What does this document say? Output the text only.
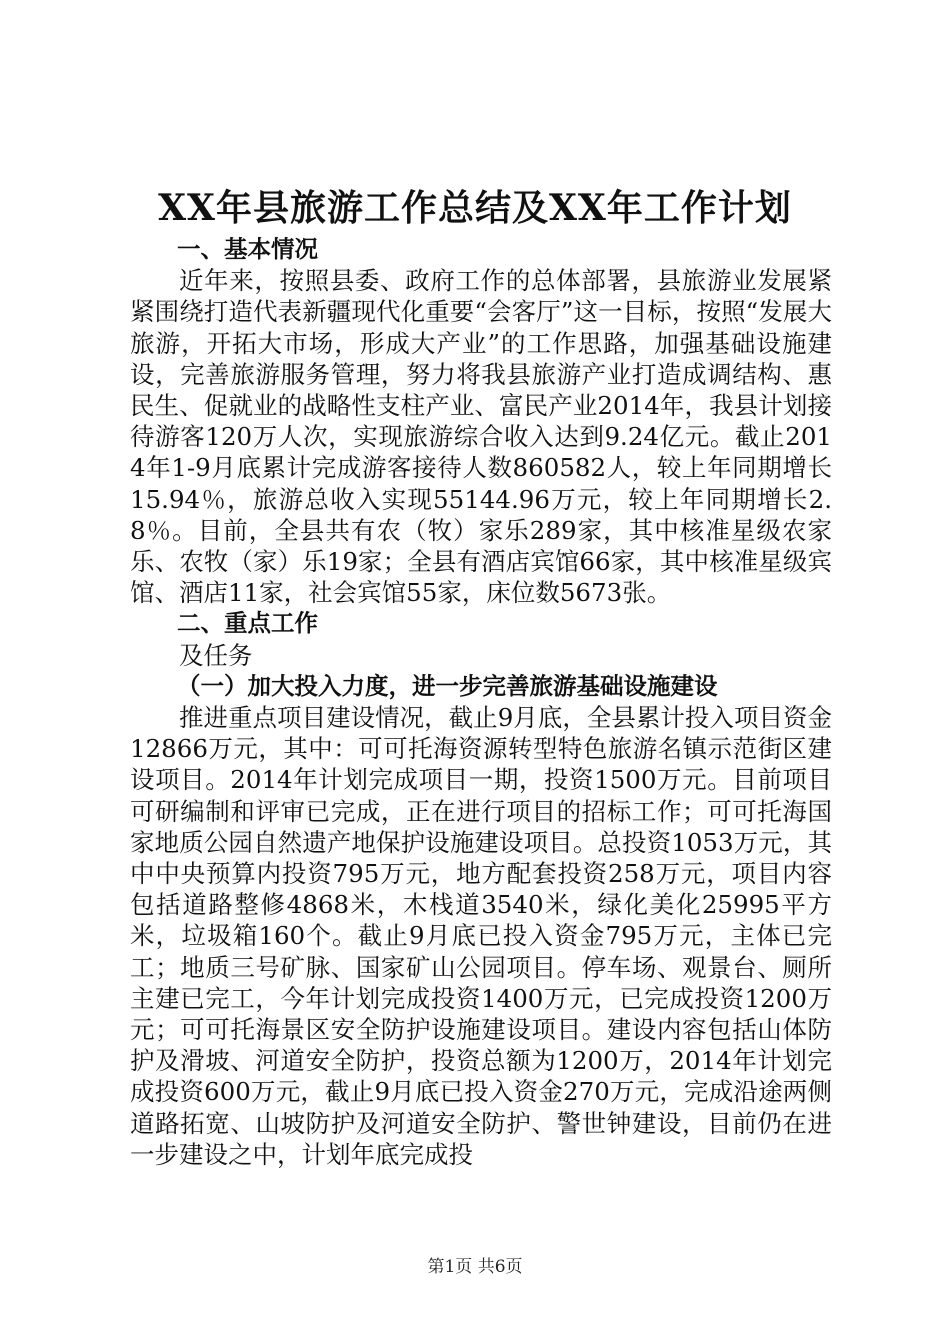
XX年县旅游工作总结及XX年工作计划

一、基本情况

近年来，按照县委、政府工作的总体部署，县旅游业发展紧紧围绕打造代表新疆现代化重要“会客厅”这一目标，按照“发展大旅游，开拓大市场，形成大产业”的工作思路，加强基础设施建设，完善旅游服务管理，努力将我县旅游产业打造成调结构、惠民生、促就业的战略性支柱产业、富民产业2014年，我县计划接待游客120万人次，实现旅游综合收入达到9.24亿元。截止2014年1-9月底累计完成游客接待人数860582人，较上年同期增长15.94％，旅游总收入实现55144.96万元，较上年同期增长2.8％。目前，全县共有农（牧）家乐289家，其中核准星级农家乐、农牧（家）乐19家；全县有酒店宾馆66家，其中核准星级宾馆、酒店11家，社会宾馆55家，床位数5673张。

二、重点工作

及任务

（一）加大投入力度，进一步完善旅游基础设施建设

推进重点项目建设情况，截止9月底，全县累计投入项目资金12866万元，其中：可可托海资源转型特色旅游名镇示范街区建设项目。2014年计划完成项目一期，投资1500万元。目前项目可研编制和评审已完成，正在进行项目的招标工作；可可托海国家地质公园自然遗产地保护设施建设项目。总投资1053万元，其中中央预算内投资795万元，地方配套投资258万元，项目内容包括道路整修4868米，木栈道3540米，绿化美化25995平方米，垃圾箱160个。截止9月底已投入资金795万元，主体已完工；地质三号矿脉、国家矿山公园项目。停车场、观景台、厕所主建已完工，今年计划完成投资1400万元，已完成投资1200万元；可可托海景区安全防护设施建设项目。建设内容包括山体防护及滑坡、河道安全防护，投资总额为1200万，2014年计划完成投资600万元，截止9月底已投入资金270万元，完成沿途两侧道路拓宽、山坡防护及河道安全防护、警世钟建设，目前仍在进一步建设之中，计划年底完成投

第1页 共6页
